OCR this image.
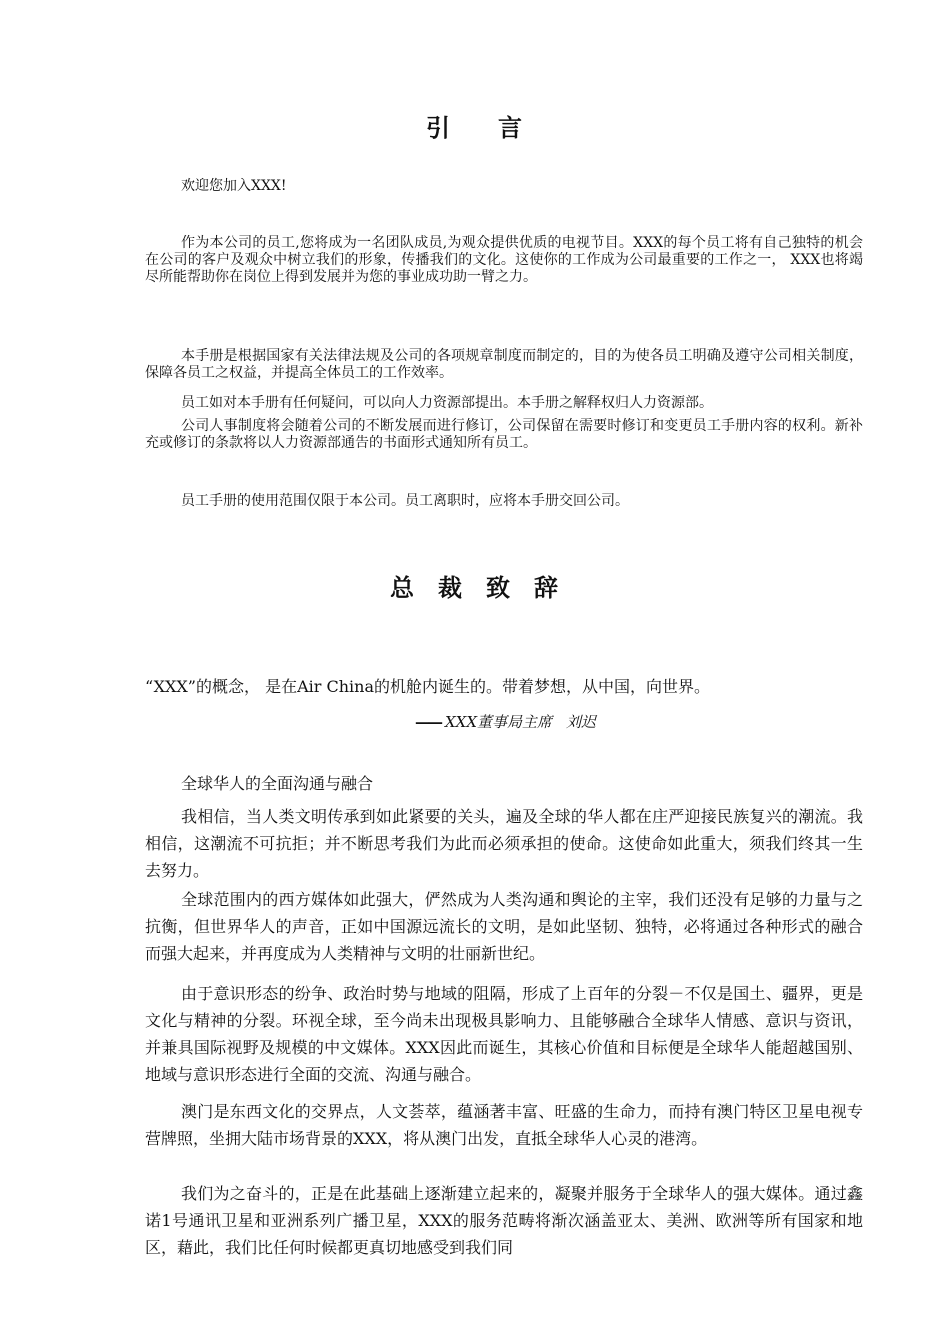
引 言

欢迎您加入XXX!

作为本公司的员工,您将成为一名团队成员,为观众提供优质的电视节目。XXX的每个员工将有自己独特的机会在公司的客户及观众中树立我们的形象，传播我们的文化。这使你的工作成为公司最重要的工作之一， XXX也将竭尽所能帮助你在岗位上得到发展并为您的事业成功助一臂之力。

本手册是根据国家有关法律法规及公司的各项规章制度而制定的，目的为使各员工明确及遵守公司相关制度，保障各员工之权益，并提高全体员工的工作效率。

员工如对本手册有任何疑问，可以向人力资源部提出。本手册之解释权归人力资源部。

公司人事制度将会随着公司的不断发展而进行修订，公司保留在需要时修订和变更员工手册内容的权利。新补充或修订的条款将以人力资源部通告的书面形式通知所有员工。

员工手册的使用范围仅限于本公司。员工离职时，应将本手册交回公司。

总 裁 致 辞

“XXX”的概念， 是在Air China的机舱内诞生的。带着梦想，从中国，向世界。

—— XXX董事局主席 刘迟

全球华人的全面沟通与融合

我相信，当人类文明传承到如此紧要的关头，遍及全球的华人都在庄严迎接民族复兴的潮流。我相信，这潮流不可抗拒；并不断思考我们为此而必须承担的使命。这使命如此重大，须我们终其一生去努力。

全球范围内的西方媒体如此强大，俨然成为人类沟通和舆论的主宰，我们还没有足够的力量与之抗衡，但世界华人的声音，正如中国源远流长的文明，是如此坚韧、独特，必将通过各种形式的融合而强大起来，并再度成为人类精神与文明的壮丽新世纪。

由于意识形态的纷争、政治时势与地域的阻隔，形成了上百年的分裂－不仅是国土、疆界，更是文化与精神的分裂。环视全球，至今尚未出现极具影响力、且能够融合全球华人情感、意识与资讯，并兼具国际视野及规模的中文媒体。XXX因此而诞生，其核心价值和目标便是全球华人能超越国别、地域与意识形态进行全面的交流、沟通与融合。

澳门是东西文化的交界点，人文荟萃，蕴涵著丰富、旺盛的生命力，而持有澳门特区卫星电视专营牌照，坐拥大陆市场背景的XXX，将从澳门出发，直抵全球华人心灵的港湾。

我们为之奋斗的，正是在此基础上逐渐建立起来的，凝聚并服务于全球华人的强大媒体。通过鑫诺1号通讯卫星和亚洲系列广播卫星，XXX的服务范畴将渐次涵盖亚太、美洲、欧洲等所有国家和地区，藉此，我们比任何时候都更真切地感受到我们同
